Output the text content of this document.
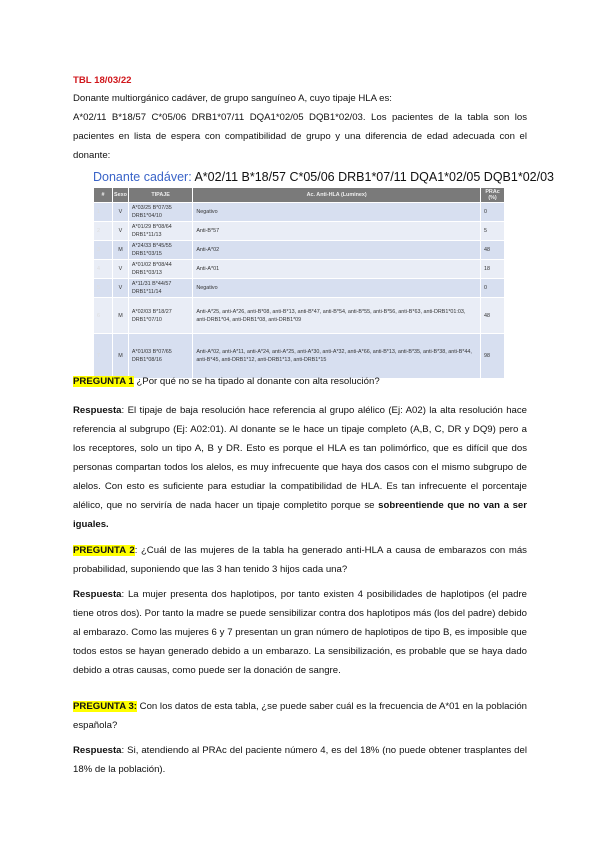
TBL 18/03/22

Donante multiorgánico cadáver, de grupo sanguíneo A, cuyo tipaje HLA es:

A*02/11 B*18/57 C*05/06 DRB1*07/11 DQA1*02/05 DQB1*02/03. Los pacientes de la tabla son los pacientes en lista de espera con compatibilidad de grupo y una diferencia de edad adecuada con el donante:

Donante cadáver: A*02/11 B*18/57 C*05/06 DRB1*07/11 DQA1*02/05 DQB1*02/03
#	Sexo	TIPAJE	Ac. Anti-HLA (Luminex)	PRAc (%)
1	V	A*03/25 B*07/35 DRB1*04/10	Negativo	0
2	V	A*01/29 B*08/64 DRB1*11/13	Anti-B*57	5
3	M	A*24/33 B*45/55 DRB1*03/15	Anti-A*02	48
4	V	A*01/02 B*08/44 DRB1*03/13	Anti-A*01	18
5	V	A*11/31 B*44/57 DRB1*11/14	Negativo	0
6	M	A*02/03 B*18/27 DRB1*07/10	Anti-A*25, anti-A*26, anti-B*08, anti-B*13, anti-B*47, anti-B*54, anti-B*55, anti-B*56, anti-B*63, anti-DRB1*01:03, anti-DRB1*04, anti-DRB1*08, anti-DRB1*09	48
7	M	A*01/03 B*07/65 DRB1*08/16	Anti-A*02, anti-A*11, anti-A*24, anti-A*25, anti-A*30, anti-A*32, anti-A*66, anti-B*13, anti-B*35, anti-B*38, anti-B*44, anti-B*45, anti-DRB1*12, anti-DRB1*13, anti-DRB1*15	98

PREGUNTA 1 ¿Por qué no se ha tipado al donante con alta resolución?

Respuesta: El tipaje de baja resolución hace referencia al grupo alélico (Ej: A02) la alta resolución hace referencia al subgrupo (Ej: A02:01). Al donante se le hace un tipaje completo (A,B, C, DR y DQ9) pero a los receptores, solo un tipo A, B y DR. Esto es porque el HLA es tan polimórfico, que es difícil que dos personas compartan todos los alelos, es muy infrecuente que haya dos casos con el mismo subgrupo de alelos. Con esto es suficiente para estudiar la compatibilidad de HLA. Es tan infrecuente el porcentaje alélico, que no serviría de nada hacer un tipaje completito porque se sobreentiende que no van a ser iguales.

PREGUNTA 2: ¿Cuál de las mujeres de la tabla ha generado anti-HLA a causa de embarazos con más probabilidad, suponiendo que las 3 han tenido 3 hijos cada una?

Respuesta: La mujer presenta dos haplotipos, por tanto existen 4 posibilidades de haplotipos (el padre tiene otros dos). Por tanto la madre se puede sensibilizar contra dos haplotipos más (los del padre) debido al embarazo. Como las mujeres 6 y 7 presentan un gran número de haplotipos de tipo B, es imposible que todos estos se hayan generado debido a un embarazo. La sensibilización, es probable que se haya dado debido a otras causas, como puede ser la donación de sangre.

PREGUNTA 3: Con los datos de esta tabla, ¿se puede saber cuál es la frecuencia de A*01 en la población española?

Respuesta: Si, atendiendo al PRAc del paciente número 4, es del 18% (no puede obtener trasplantes del 18% de la población).
